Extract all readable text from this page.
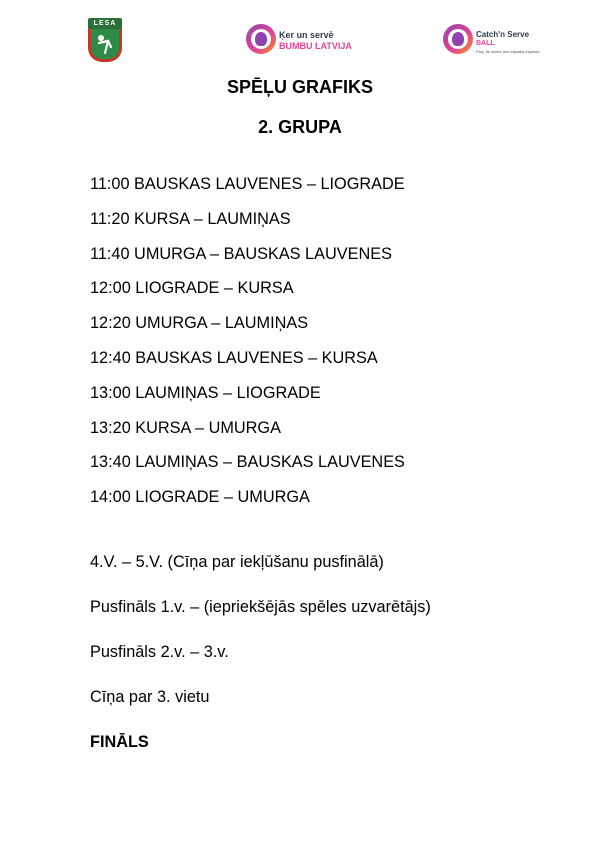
LESA
Ķer un servē
BUMBU LATVIJA
Catch'n Serve
BALL
Play, be active and equality inspired
SPĒĻU GRAFIKS
2. GRUPA
11:00 BAUSKAS LAUVENES – LIOGRADE
11:20 KURSA – LAUMIŅAS
11:40 UMURGA – BAUSKAS LAUVENES
12:00 LIOGRADE – KURSA
12:20 UMURGA – LAUMIŅAS
12:40 BAUSKAS LAUVENES – KURSA
13:00 LAUMIŅAS – LIOGRADE
13:20 KURSA – UMURGA
13:40 LAUMIŅAS – BAUSKAS LAUVENES
14:00 LIOGRADE – UMURGA
4.V. – 5.V. (Cīņa par iekļūšanu pusfinālā)
Pusfināls 1.v. – (iepriekšējās spēles uzvarētājs)
Pusfināls 2.v. – 3.v.
Cīņa par 3. vietu
FINĀLS
